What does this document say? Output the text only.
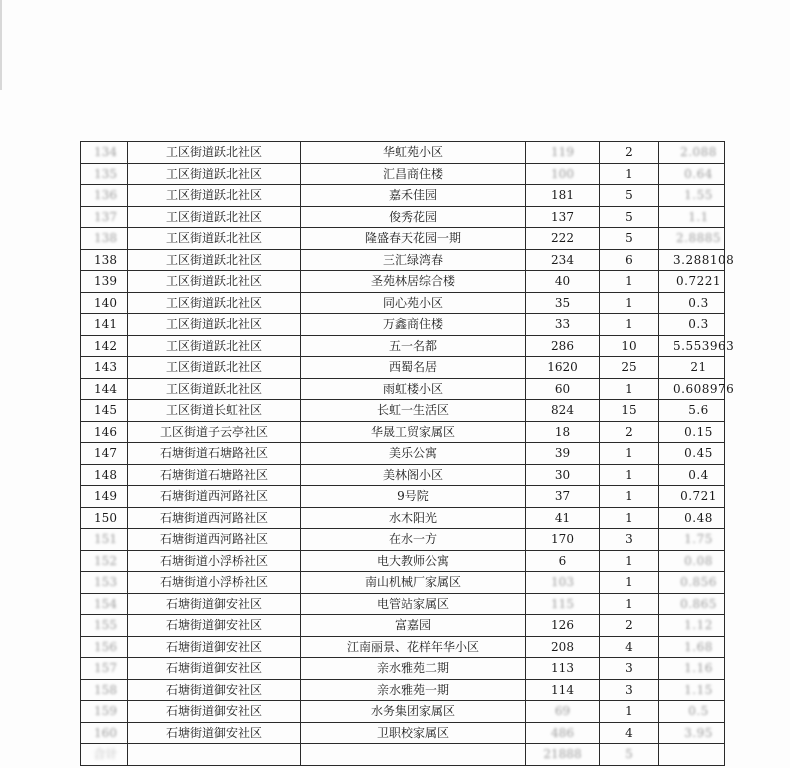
134	工区街道跃北社区	华虹苑小区	119	2	2.088
135	工区街道跃北社区	汇昌商住楼	100	1	0.64
136	工区街道跃北社区	嘉禾佳园	181	5	1.55
137	工区街道跃北社区	俊秀花园	137	5	1.1
138	工区街道跃北社区	隆盛春天花园一期	222	5	2.8885
138	工区街道跃北社区	三汇绿湾春	234	6	3.288108
139	工区街道跃北社区	圣苑林居综合楼	40	1	0.7221
140	工区街道跃北社区	同心苑小区	35	1	0.3
141	工区街道跃北社区	万鑫商住楼	33	1	0.3
142	工区街道跃北社区	五一名都	286	10	5.553963
143	工区街道跃北社区	西蜀名居	1620	25	21
144	工区街道跃北社区	雨虹楼小区	60	1	0.608976
145	工区街道长虹社区	长虹一生活区	824	15	5.6
146	工区街道子云亭社区	华晟工贸家属区	18	2	0.15
147	石塘街道石塘路社区	美乐公寓	39	1	0.45
148	石塘街道石塘路社区	美林阁小区	30	1	0.4
149	石塘街道西河路社区	9号院	37	1	0.721
150	石塘街道西河路社区	水木阳光	41	1	0.48
151	石塘街道西河路社区	在水一方	170	3	1.75
152	石塘街道小浮桥社区	电大教师公寓	6	1	0.08
153	石塘街道小浮桥社区	南山机械厂家属区	103	1	0.856
154	石塘街道御安社区	电管站家属区	115	1	0.865
155	石塘街道御安社区	富嘉园	126	2	1.12
156	石塘街道御安社区	江南丽景、花样年华小区	208	4	1.68
157	石塘街道御安社区	亲水雅苑二期	113	3	1.16
158	石塘街道御安社区	亲水雅苑一期	114	3	1.15
159	石塘街道御安社区	水务集团家属区	69	1	0.5
160	石塘街道御安社区	卫职校家属区	486	4	3.95
合计			21888	5	
